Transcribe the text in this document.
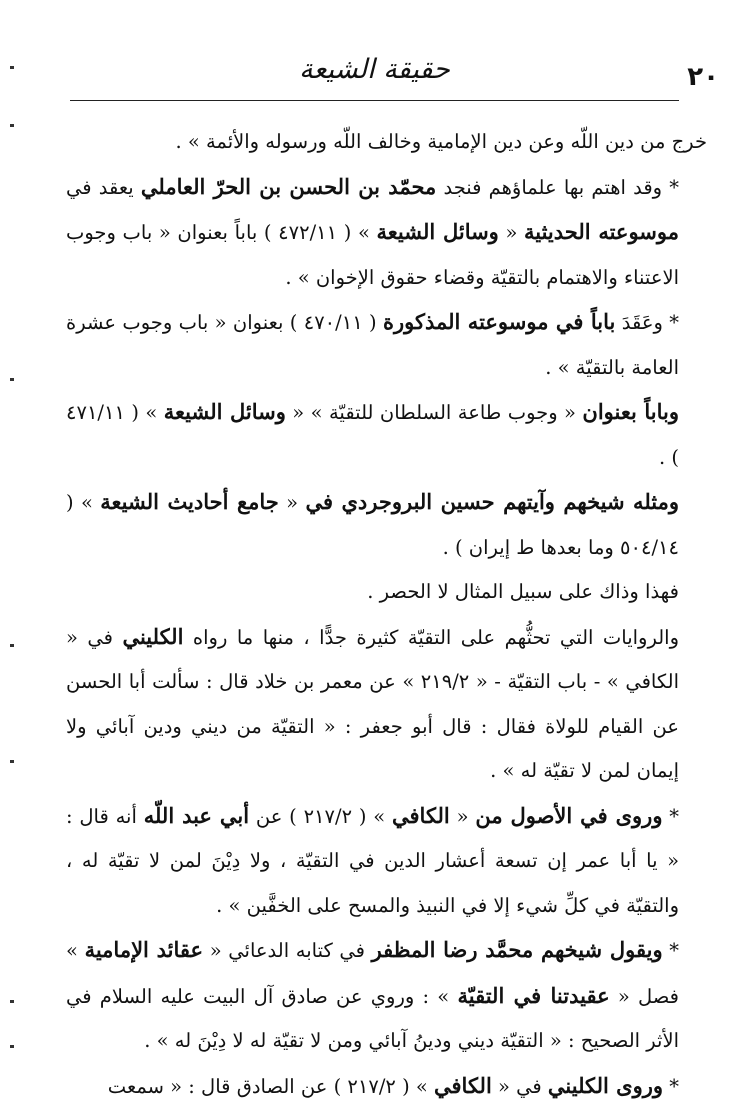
حقيقة الشيعة	٢٠

خرج من دين اللّه وعن دين الإمامية وخالف اللّه ورسوله والأئمة » .

* وقد اهتم بها علماؤهم فنجد محمّد بن الحسن بن الحرّ العاملي يعقد في موسوعته الحديثية « وسائل الشيعة » ( ٤٧٢/١١ ) باباً بعنوان « باب وجوب الاعتناء والاهتمام بالتقيّة وقضاء حقوق الإخوان » .

* وعَقَدَ باباً في موسوعته المذكورة ( ٤٧٠/١١ ) بعنوان « باب وجوب عشرة العامة بالتقيّة » .

وباباً بعنوان « وجوب طاعة السلطان للتقيّة » « وسائل الشيعة » ( ٤٧١/١١ ) .

ومثله شيخهم وآيتهم حسين البروجردي في « جامع أحاديث الشيعة » ( ٥٠٤/١٤ وما بعدها ط إيران ) .

فهذا وذاك على سبيل المثال لا الحصر .

والروايات التي تحثُّهم على التقيّة كثيرة جدًّا ، منها ما رواه الكليني في « الكافي » - باب التقيّة - « ٢١٩/٢ » عن معمر بن خلاد قال : سألت أبا الحسن عن القيام للولاة فقال : قال أبو جعفر : « التقيّة من ديني ودين آبائي ولا إيمان لمن لا تقيّة له » .

* وروى في الأصول من « الكافي » ( ٢١٧/٢ ) عن أبي عبد اللّه أنه قال : « يا أبا عمر إن تسعة أعشار الدين في التقيّة ، ولا دِيْنَ لمن لا تقيّة له ، والتقيّة في كلِّ شيء إلا في النبيذ والمسح على الخفَّين » .

* ويقول شيخهم محمَّد رضا المظفر في كتابه الدعائي « عقائد الإمامية » فصل « عقيدتنا في التقيّة » : وروي عن صادق آل البيت عليه السلام في الأثر الصحيح : « التقيّة ديني ودينُ آبائي ومن لا تقيّة له لا دِيْنَ له » .

* وروى الكليني في « الكافي » ( ٢١٧/٢ ) عن الصادق قال : « سمعت
